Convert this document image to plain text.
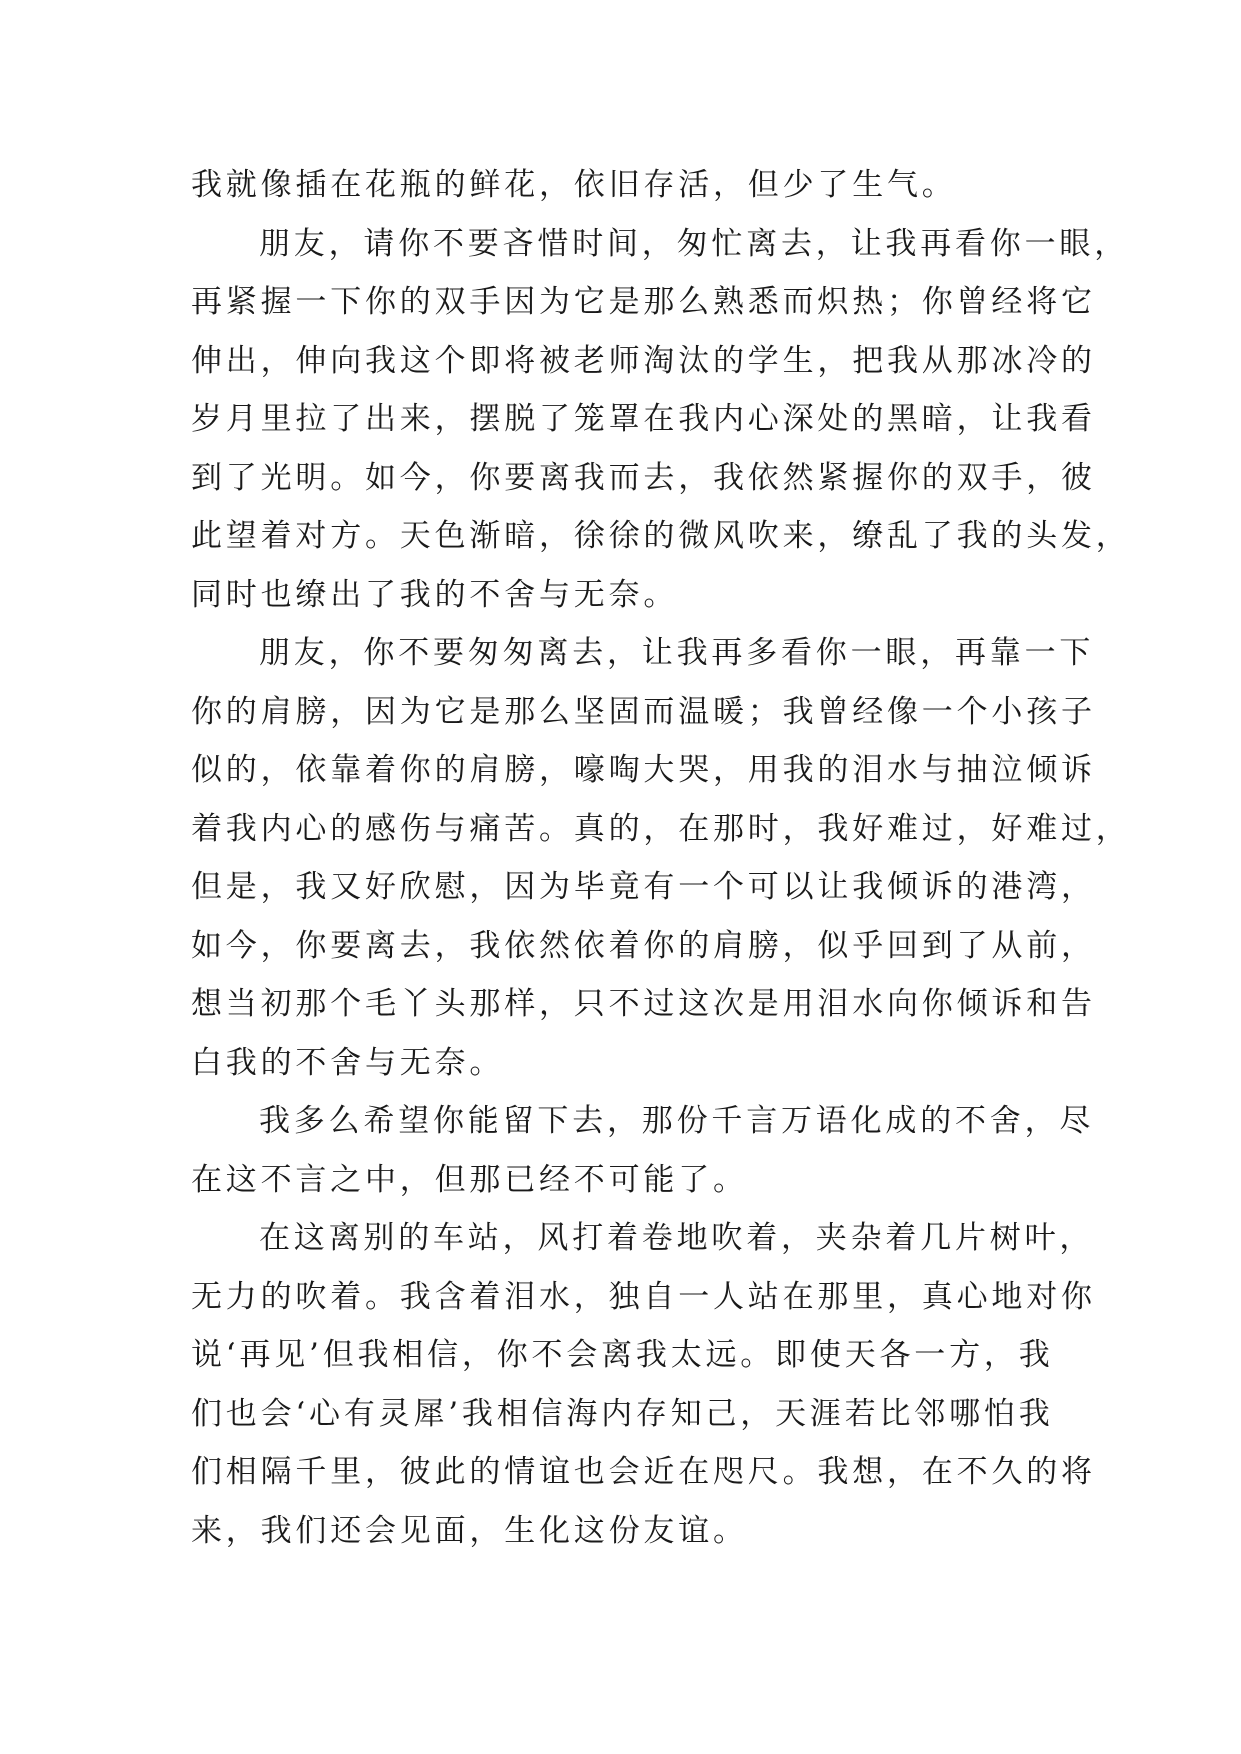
我就像插在花瓶的鲜花，依旧存活，但少了生气。
朋友，请你不要吝惜时间，匆忙离去，让我再看你一眼，
再紧握一下你的双手因为它是那么熟悉而炽热；你曾经将它
伸出，伸向我这个即将被老师淘汰的学生，把我从那冰冷的
岁月里拉了出来，摆脱了笼罩在我内心深处的黑暗，让我看
到了光明。如今，你要离我而去，我依然紧握你的双手，彼
此望着对方。天色渐暗，徐徐的微风吹来，缭乱了我的头发，
同时也缭出了我的不舍与无奈。
朋友，你不要匆匆离去，让我再多看你一眼，再靠一下
你的肩膀，因为它是那么坚固而温暖；我曾经像一个小孩子
似的，依靠着你的肩膀，嚎啕大哭，用我的泪水与抽泣倾诉
着我内心的感伤与痛苦。真的，在那时，我好难过，好难过，
但是，我又好欣慰，因为毕竟有一个可以让我倾诉的港湾，
如今，你要离去，我依然依着你的肩膀，似乎回到了从前，
想当初那个毛丫头那样，只不过这次是用泪水向你倾诉和告
白我的不舍与无奈。
我多么希望你能留下去，那份千言万语化成的不舍，尽
在这不言之中，但那已经不可能了。
在这离别的车站，风打着卷地吹着，夹杂着几片树叶，
无力的吹着。我含着泪水，独自一人站在那里，真心地对你
说‘再见’但我相信，你不会离我太远。即使天各一方，我
们也会‘心有灵犀’我相信海内存知己，天涯若比邻哪怕我
们相隔千里，彼此的情谊也会近在咫尺。我想，在不久的将
来，我们还会见面，生化这份友谊。
